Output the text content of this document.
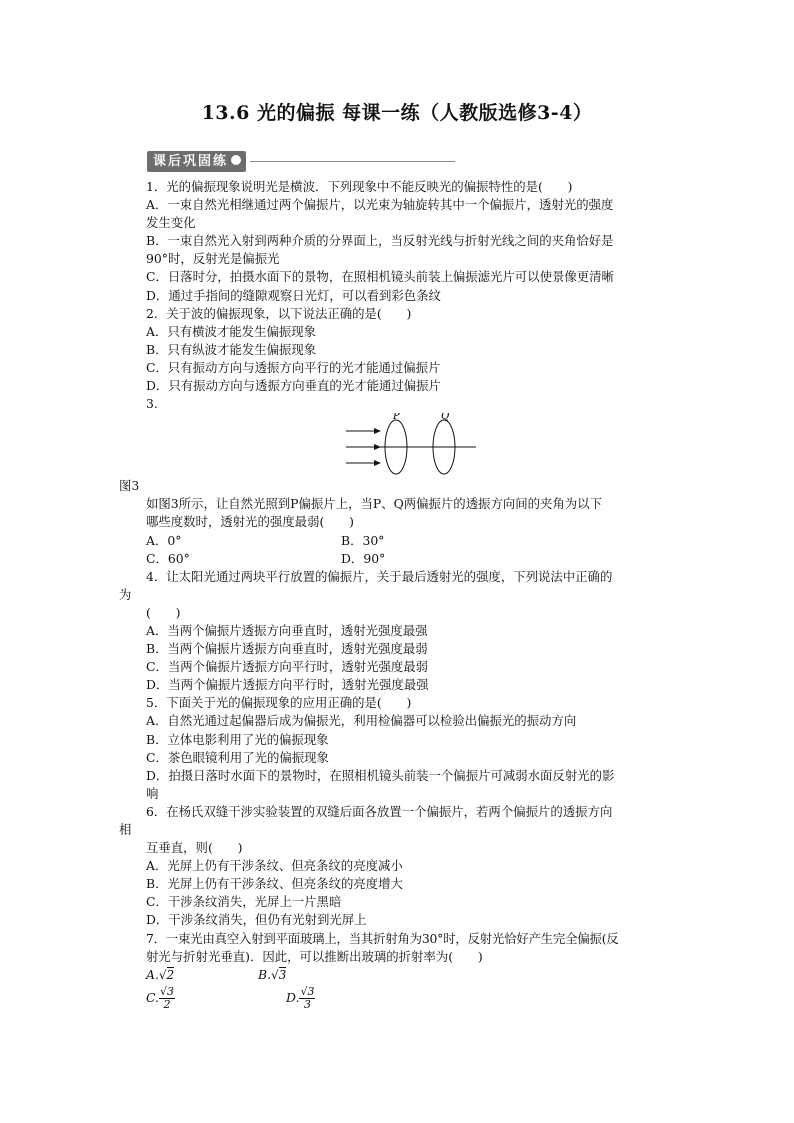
13.6 光的偏振 每课一练（人教版选修3-4）
课后巩固练

1．光的偏振现象说明光是横波．下列现象中不能反映光的偏振特性的是(　　)

A．一束自然光相继通过两个偏振片，以光束为轴旋转其中一个偏振片，透射光的强度

发生变化

B．一束自然光入射到两种介质的分界面上，当反射光线与折射光线之间的夹角恰好是

90°时，反射光是偏振光

C．日落时分，拍摄水面下的景物，在照相机镜头前装上偏振滤光片可以使景像更清晰

D．通过手指间的缝隙观察日光灯，可以看到彩色条纹

2．关于波的偏振现象，以下说法正确的是(　　)

A．只有横波才能发生偏振现象

B．只有纵波才能发生偏振现象

C．只有振动方向与透振方向平行的光才能通过偏振片

D．只有振动方向与透振方向垂直的光才能通过偏振片

3.

P	Q

图3

如图3所示，让自然光照到P偏振片上，当P、Q两偏振片的透振方向间的夹角为以下

哪些度数时，透射光的强度最弱(　　)

A．0°	B．30°
C．60°	D．90°

4．让太阳光通过两块平行放置的偏振片，关于最后透射光的强度，下列说法中正确的

为

(　　)

A．当两个偏振片透振方向垂直时，透射光强度最强

B．当两个偏振片透振方向垂直时，透射光强度最弱

C．当两个偏振片透振方向平行时，透射光强度最弱

D．当两个偏振片透振方向平行时，透射光强度最强

5．下面关于光的偏振现象的应用正确的是(　　)

A．自然光通过起偏器后成为偏振光，利用检偏器可以检验出偏振光的振动方向

B．立体电影利用了光的偏振现象

C．茶色眼镜利用了光的偏振现象

D．拍摄日落时水面下的景物时，在照相机镜头前装一个偏振片可减弱水面反射光的影

响

6．在杨氏双缝干涉实验装置的双缝后面各放置一个偏振片，若两个偏振片的透振方向

相

互垂直，则(　　)

A．光屏上仍有干涉条纹、但亮条纹的亮度减小

B．光屏上仍有干涉条纹、但亮条纹的亮度增大

C．干涉条纹消失，光屏上一片黑暗

D．干涉条纹消失，但仍有光射到光屏上

7．一束光由真空入射到平面玻璃上，当其折射角为30°时，反射光恰好产生完全偏振(反

射光与折射光垂直)．因此，可以推断出玻璃的折射率为(　　)

A.√2	B.√3
C. $\frac{√3}{2}$	D. $\frac{√3}{3}$
